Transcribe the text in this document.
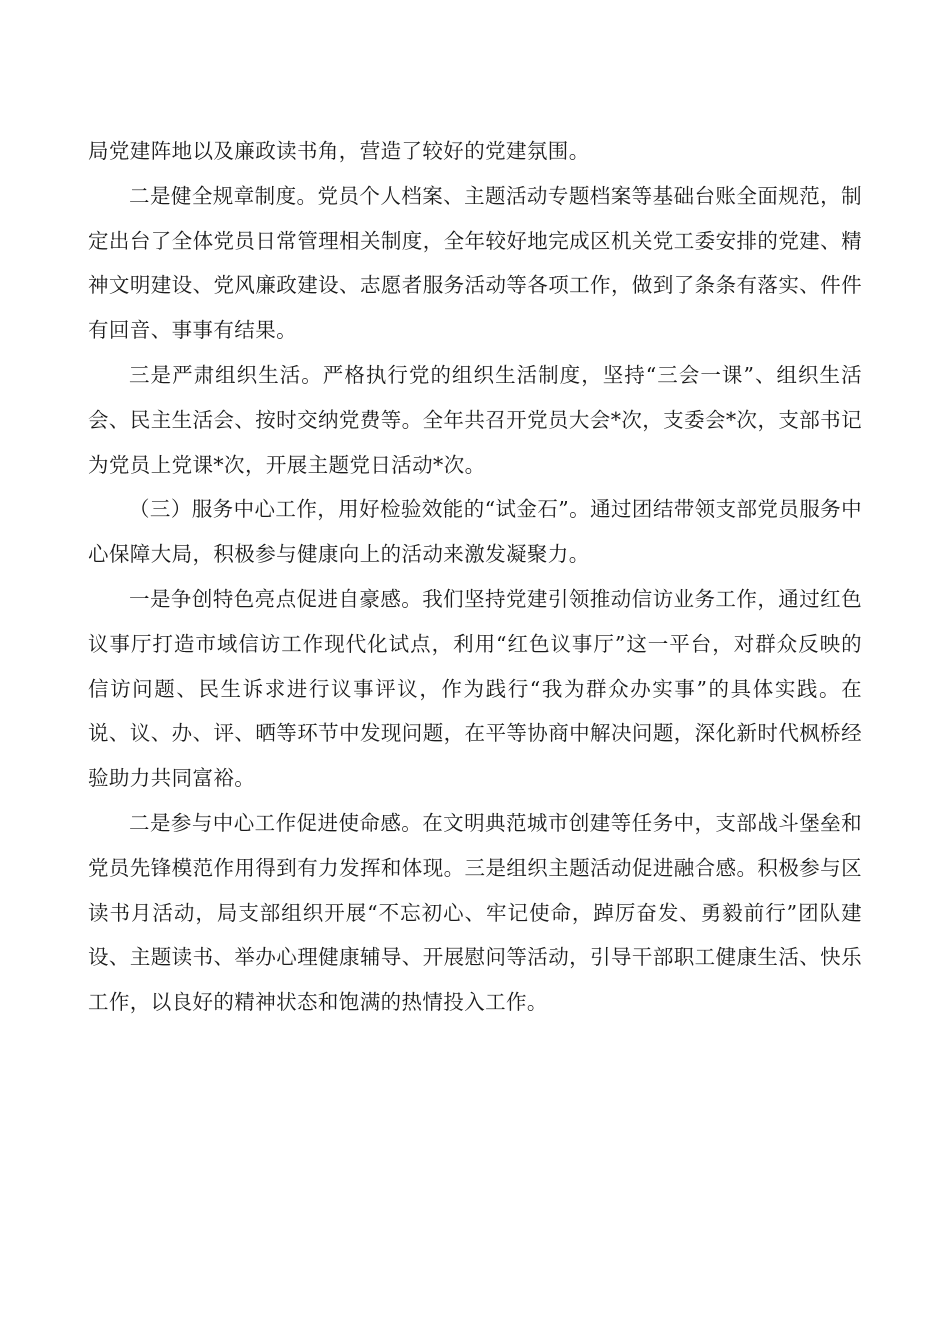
局党建阵地以及廉政读书角，营造了较好的党建氛围。

二是健全规章制度。党员个人档案、主题活动专题档案等基础台账全面规范，制定出台了全体党员日常管理相关制度，全年较好地完成区机关党工委安排的党建、精神文明建设、党风廉政建设、志愿者服务活动等各项工作，做到了条条有落实、件件有回音、事事有结果。

三是严肃组织生活。严格执行党的组织生活制度，坚持“三会一课”、组织生活会、民主生活会、按时交纳党费等。全年共召开党员大会*次，支委会*次，支部书记为党员上党课*次，开展主题党日活动*次。

（三）服务中心工作，用好检验效能的“试金石”。通过团结带领支部党员服务中心保障大局，积极参与健康向上的活动来激发凝聚力。

一是争创特色亮点促进自豪感。我们坚持党建引领推动信访业务工作，通过红色议事厅打造市域信访工作现代化试点，利用“红色议事厅”这一平台，对群众反映的信访问题、民生诉求进行议事评议，作为践行“我为群众办实事”的具体实践。在说、议、办、评、晒等环节中发现问题，在平等协商中解决问题，深化新时代枫桥经验助力共同富裕。

二是参与中心工作促进使命感。在文明典范城市创建等任务中，支部战斗堡垒和党员先锋模范作用得到有力发挥和体现。三是组织主题活动促进融合感。积极参与区读书月活动，局支部组织开展“不忘初心、牢记使命，踔厉奋发、勇毅前行”团队建设、主题读书、举办心理健康辅导、开展慰问等活动，引导干部职工健康生活、快乐工作，以良好的精神状态和饱满的热情投入工作。
